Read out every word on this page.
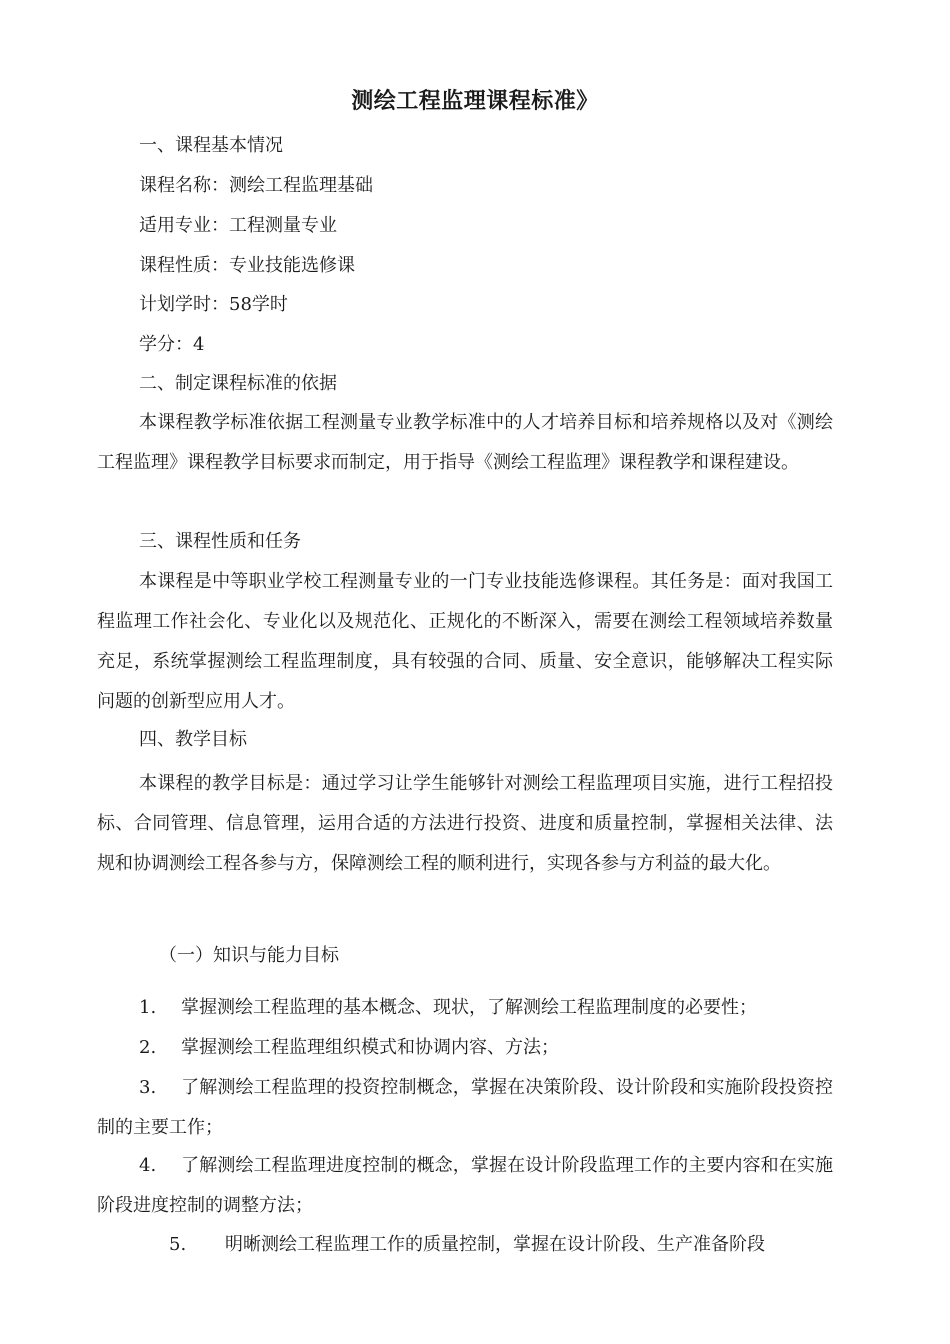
测绘工程监理课程标准》

一、课程基本情况

课程名称：测绘工程监理基础

适用专业：工程测量专业

课程性质：专业技能选修课

计划学时：58学时

学分：4

二、制定课程标准的依据

本课程教学标准依据工程测量专业教学标准中的人才培养目标和培养规格以及对《测绘工程监理》课程教学目标要求而制定，用于指导《测绘工程监理》课程教学和课程建设。

三、课程性质和任务

本课程是中等职业学校工程测量专业的一门专业技能选修课程。其任务是：面对我国工程监理工作社会化、专业化以及规范化、正规化的不断深入，需要在测绘工程领域培养数量充足，系统掌握测绘工程监理制度，具有较强的合同、质量、安全意识，能够解决工程实际问题的创新型应用人才。

四、教学目标

本课程的教学目标是：通过学习让学生能够针对测绘工程监理项目实施，进行工程招投标、合同管理、信息管理，运用合适的方法进行投资、进度和质量控制，掌握相关法律、法规和协调测绘工程各参与方，保障测绘工程的顺利进行，实现各参与方利益的最大化。

（一）知识与能力目标

1. 掌握测绘工程监理的基本概念、现状，了解测绘工程监理制度的必要性；

2. 掌握测绘工程监理组织模式和协调内容、方法；

3. 了解测绘工程监理的投资控制概念，掌握在决策阶段、设计阶段和实施阶段投资控制的主要工作；

4. 了解测绘工程监理进度控制的概念，掌握在设计阶段监理工作的主要内容和在实施阶段进度控制的调整方法；

5. 明晰测绘工程监理工作的质量控制，掌握在设计阶段、生产准备阶段
